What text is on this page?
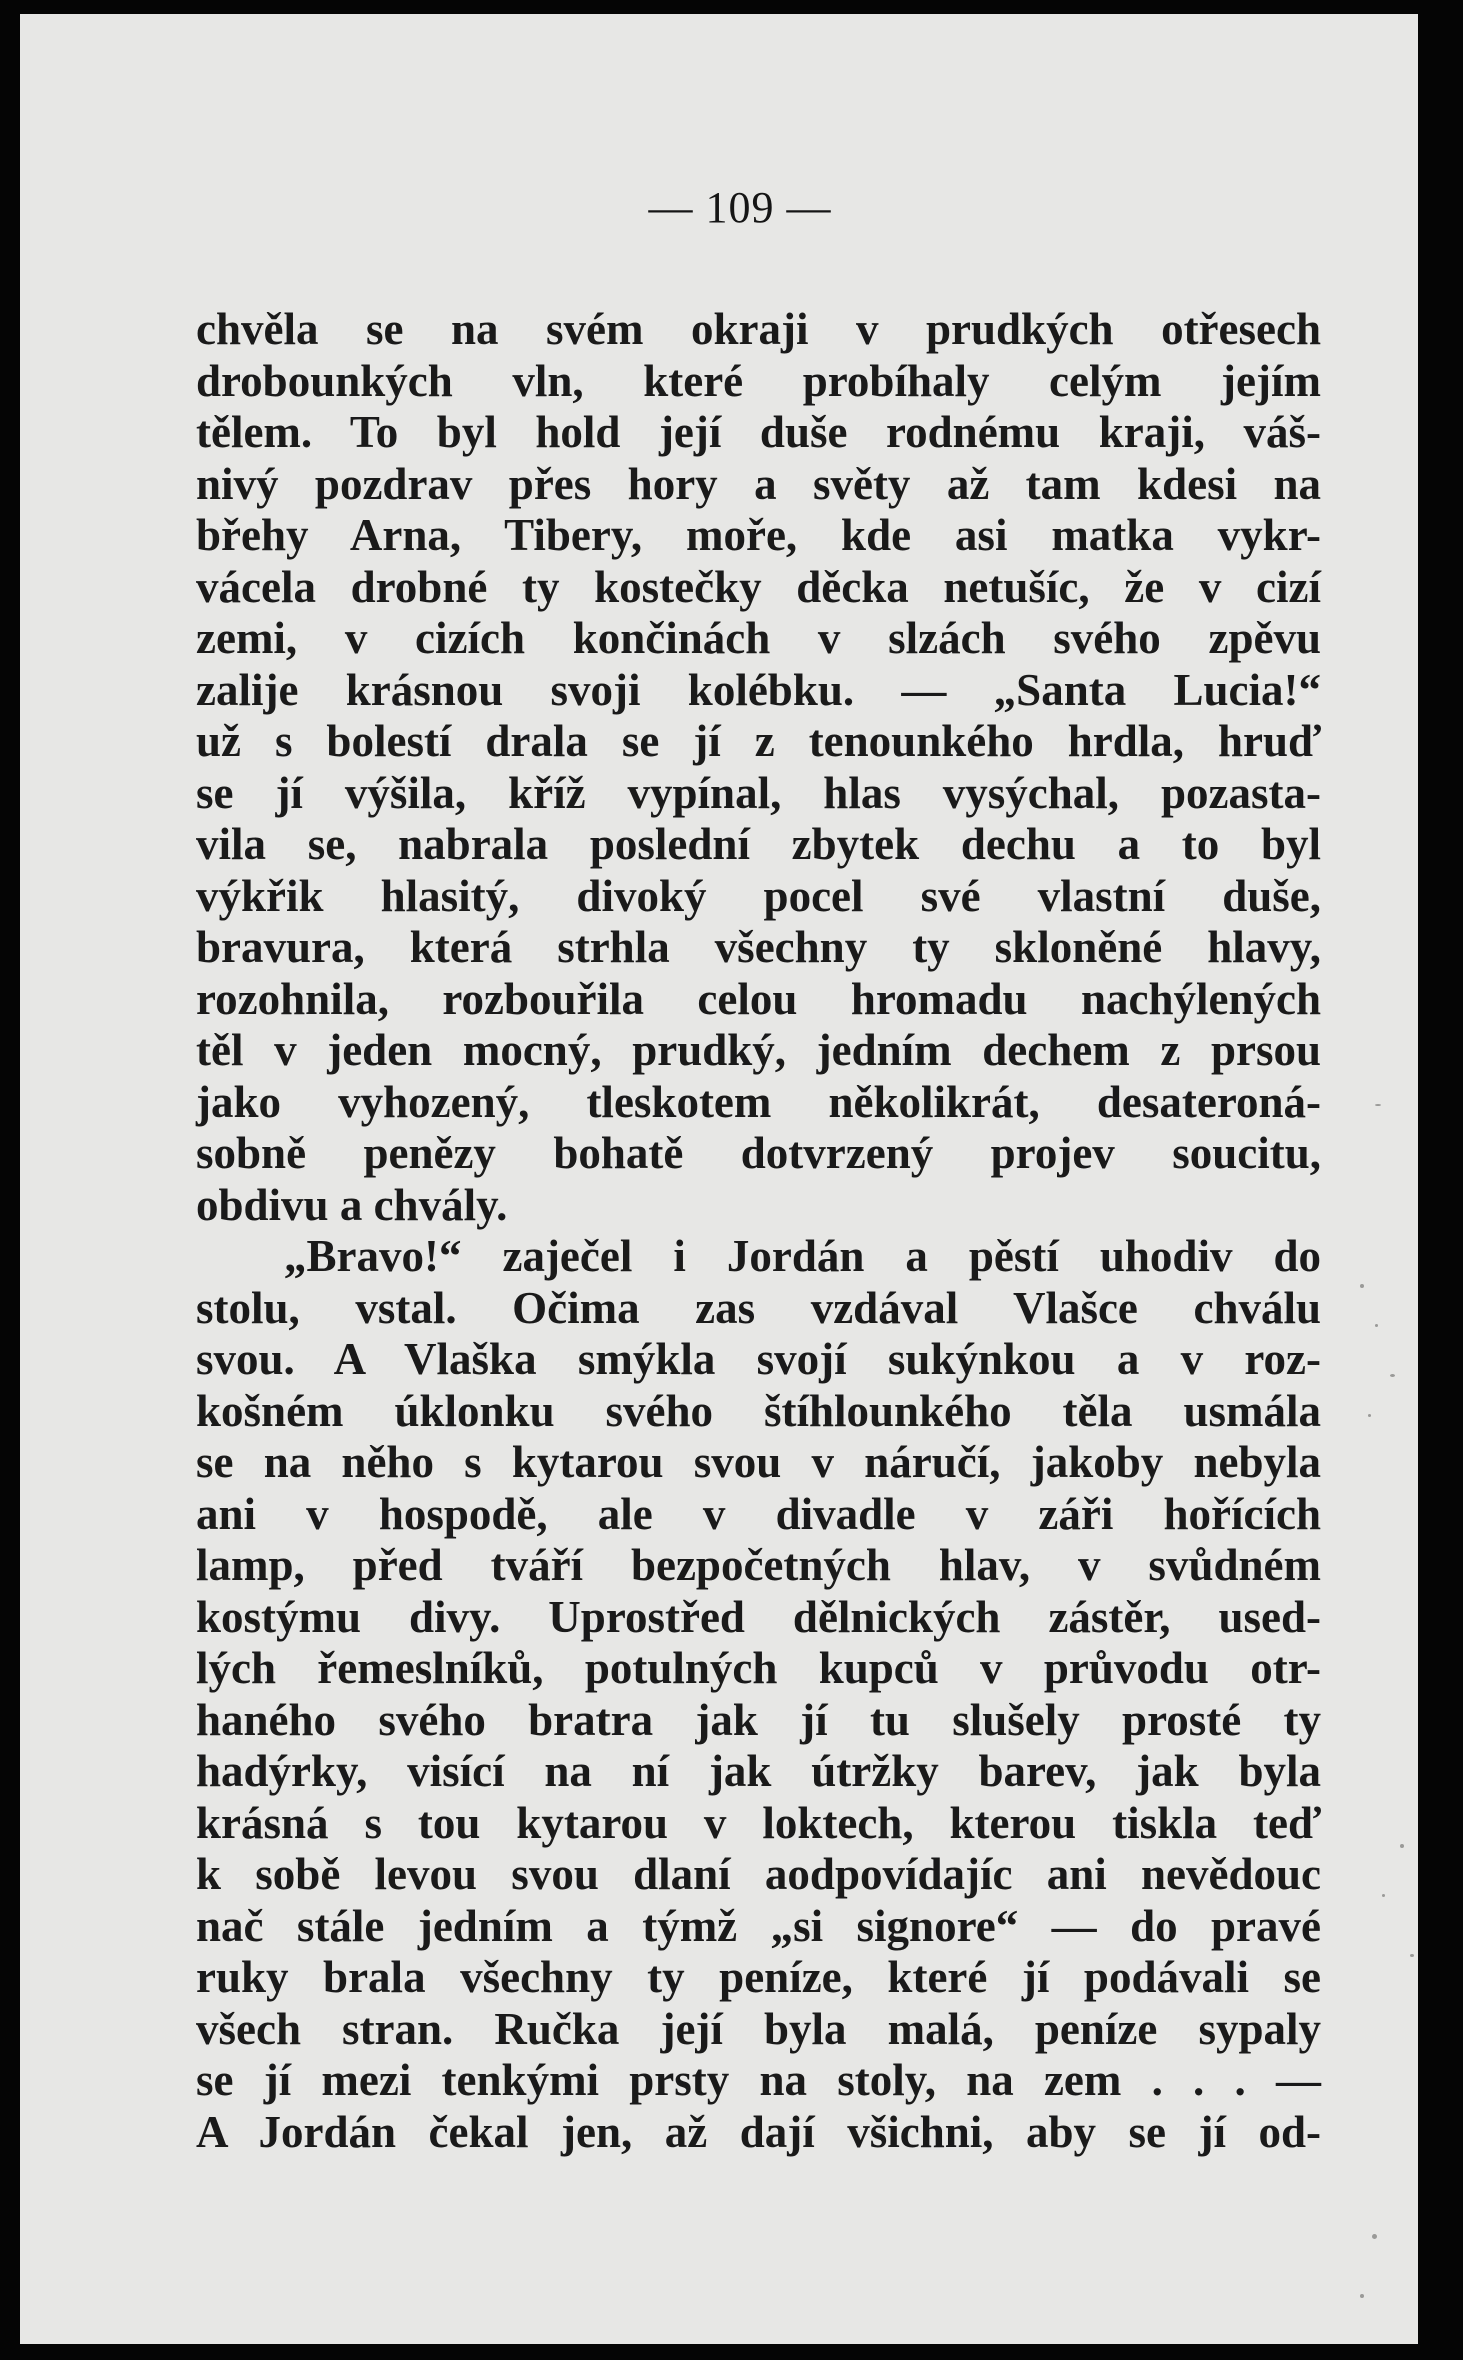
— 109 —
chvěla se na svém okraji v prudkých otřesech
drobounkých vln, které probíhaly celým jejím
tělem. To byl hold její duše rodnému kraji, váš-
nivý pozdrav přes hory a světy až tam kdesi na
břehy Arna, Tibery, moře, kde asi matka vykr-
vácela drobné ty kostečky děcka netušíc, že v cizí
zemi, v cizích končinách v slzách svého zpěvu
zalije krásnou svoji kolébku. — „Santa Lucia!“
už s bolestí drala se jí z tenounkého hrdla, hruď
se jí výšila, kříž vypínal, hlas vysýchal, pozasta-
vila se, nabrala poslední zbytek dechu a to byl
výkřik hlasitý, divoký pocel své vlastní duše,
bravura, která strhla všechny ty skloněné hlavy,
rozohnila, rozbouřila celou hromadu nachýlených
těl v jeden mocný, prudký, jedním dechem z prsou
jako vyhozený, tleskotem několikrát, desateroná-
sobně penězy bohatě dotvrzený projev soucitu,
obdivu a chvály.
„Bravo!“ zaječel i Jordán a pěstí uhodiv do
stolu, vstal. Očima zas vzdával Vlašce chválu
svou. A Vlaška smýkla svojí sukýnkou a v roz-
košném úklonku svého štíhlounkého těla usmála
se na něho s kytarou svou v náručí, jakoby nebyla
ani v hospodě, ale v divadle v záři hořících
lamp, před tváří bezpočetných hlav, v svůdném
kostýmu divy. Uprostřed dělnických zástěr, used-
lých řemeslníků, potulných kupců v průvodu otr-
haného svého bratra jak jí tu slušely prosté ty
hadýrky, visící na ní jak útržky barev, jak byla
krásná s tou kytarou v loktech, kterou tiskla teď
k sobě levou svou dlaní aodpovídajíc ani nevědouc
nač stále jedním a týmž „si signore“ — do pravé
ruky brala všechny ty peníze, které jí podávali se
všech stran. Ručka její byla malá, peníze sypaly
se jí mezi tenkými prsty na stoly, na zem . . . —
A Jordán čekal jen, až dají všichni, aby se jí od-
